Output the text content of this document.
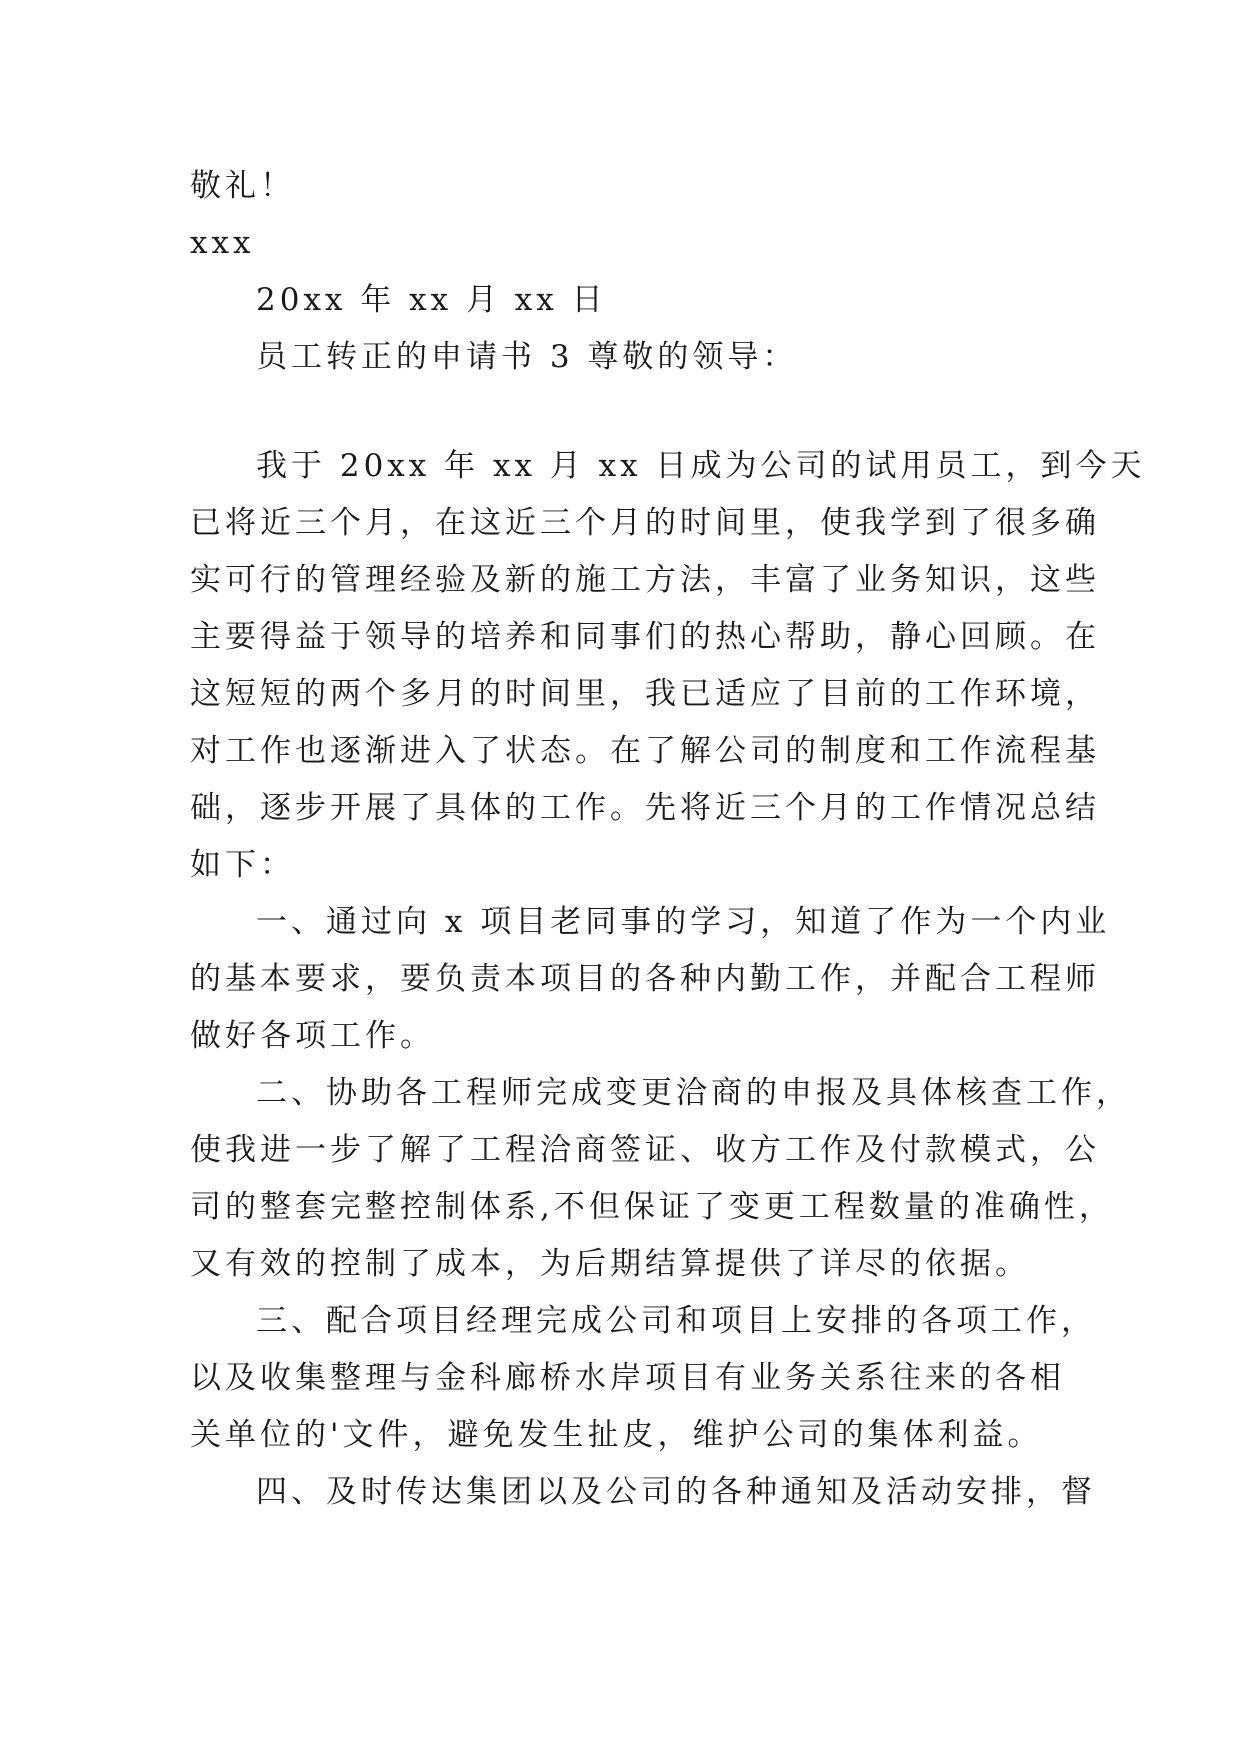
敬礼！
xxx
20xx 年 xx 月 xx 日
员工转正的申请书 3 尊敬的领导：
我于 20xx 年 xx 月 xx 日成为公司的试用员工，到今天
已将近三个月，在这近三个月的时间里，使我学到了很多确
实可行的管理经验及新的施工方法，丰富了业务知识，这些
主要得益于领导的培养和同事们的热心帮助，静心回顾。在
这短短的两个多月的时间里，我已适应了目前的工作环境，
对工作也逐渐进入了状态。在了解公司的制度和工作流程基
础，逐步开展了具体的工作。先将近三个月的工作情况总结
如下：
一、通过向 x 项目老同事的学习，知道了作为一个内业
的基本要求，要负责本项目的各种内勤工作，并配合工程师
做好各项工作。
二、协助各工程师完成变更洽商的申报及具体核查工作，
使我进一步了解了工程洽商签证、收方工作及付款模式，公
司的整套完整控制体系,不但保证了变更工程数量的准确性，
又有效的控制了成本，为后期结算提供了详尽的依据。
三、配合项目经理完成公司和项目上安排的各项工作，
以及收集整理与金科廊桥水岸项目有业务关系往来的各相
关单位的'文件，避免发生扯皮，维护公司的集体利益。
四、及时传达集团以及公司的各种通知及活动安排，督
